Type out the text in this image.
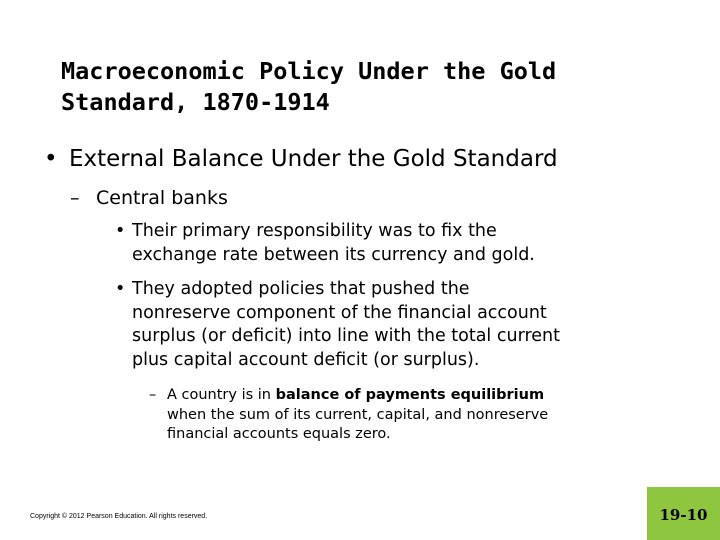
Macroeconomic Policy Under the Gold
Standard, 1870-1914
• External Balance Under the Gold Standard
– Central banks
• Their primary responsibility was to fix the
exchange rate between its currency and gold.
• They adopted policies that pushed the
nonreserve component of the financial account
surplus (or deficit) into line with the total current
plus capital account deficit (or surplus).
– A country is in balance of payments equilibrium
when the sum of its current, capital, and nonreserve
financial accounts equals zero.
Copyright © 2012 Pearson Education. All rights reserved.	19-10
